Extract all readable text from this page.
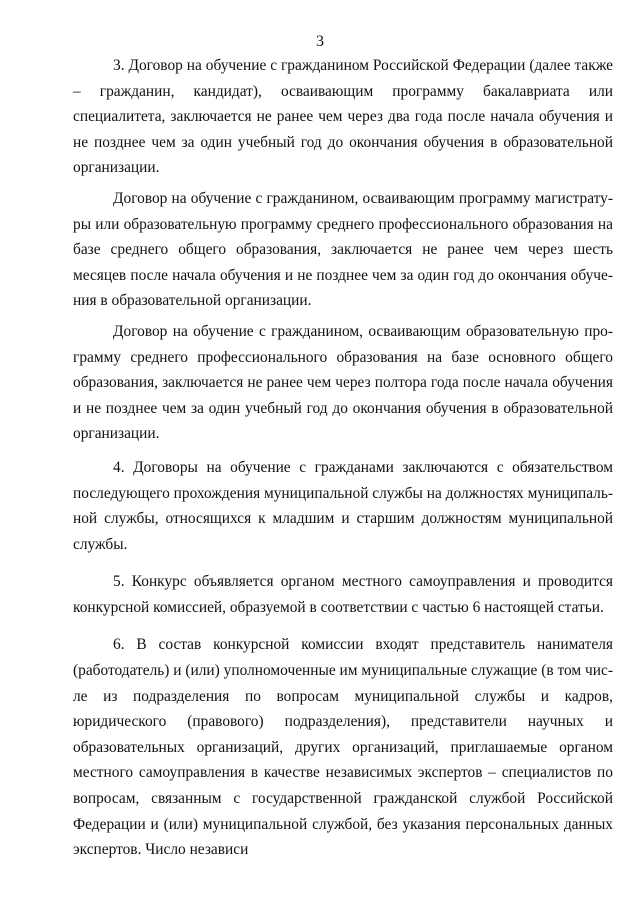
3

3. Договор на обучение с гражданином Российской Федерации (далее также – гражданин, кандидат), осваивающим программу бакалавриата или специалитета, заключается не ранее чем через два года после начала обучения и не позднее чем за один учебный год до окончания обучения в образовательной организации.

Договор на обучение с гражданином, осваивающим программу магистратуры или образовательную программу среднего профессионального образования на базе среднего общего образования, заключается не ранее чем через шесть месяцев после начала обучения и не позднее чем за один год до окончания обучения в образовательной организации.

Договор на обучение с гражданином, осваивающим образовательную программу среднего профессионального образования на базе основного общего образования, заключается не ранее чем через полтора года после начала обучения и не позднее чем за один учебный год до окончания обучения в образовательной организации.

4. Договоры на обучение с гражданами заключаются с обязательством последующего прохождения муниципальной службы на должностях муниципальной службы, относящихся к младшим и старшим должностям муниципальной службы.

5. Конкурс объявляется органом местного самоуправления и проводится конкурсной комиссией, образуемой в соответствии с частью 6 настоящей статьи.

6. В состав конкурсной комиссии входят представитель нанимателя (работодатель) и (или) уполномоченные им муниципальные служащие (в том числе из подразделения по вопросам муниципальной службы и кадров, юридического (правового) подразделения), представители научных и образовательных организаций, других организаций, приглашаемые органом местного самоуправления в качестве независимых экспертов – специалистов по вопросам, связанным с государственной гражданской службой Российской Федерации и (или) муниципальной службой, без указания персональных данных экспертов. Число независи
